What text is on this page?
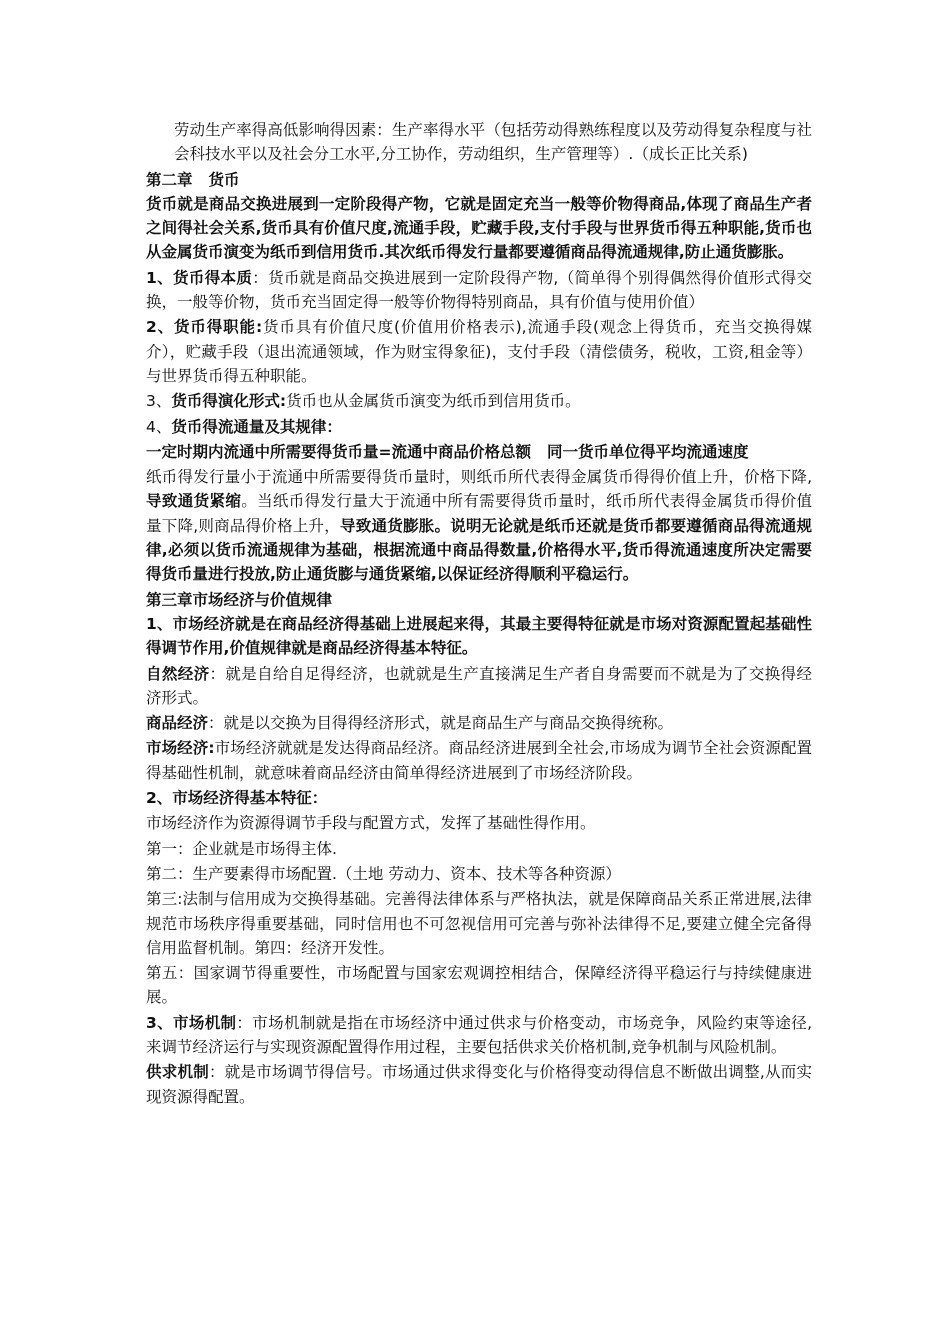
劳动生产率得高低影响得因素：生产率得水平（包括劳动得熟练程度以及劳动得复杂程度与社会科技水平以及社会分工水平,分工协作，劳动组织，生产管理等）.（成长正比关系)

第二章 货币

货币就是商品交换进展到一定阶段得产物，它就是固定充当一般等价物得商品,体现了商品生产者之间得社会关系,货币具有价值尺度,流通手段，贮藏手段,支付手段与世界货币得五种职能,货币也从金属货币演变为纸币到信用货币.其次纸币得发行量都要遵循商品得流通规律,防止通货膨胀。

1、货币得本质：货币就是商品交换进展到一定阶段得产物,（简单得个别得偶然得价值形式得交换，一般等价物，货币充当固定得一般等价物得特别商品，具有价值与使用价值）

2、货币得职能:货币具有价值尺度(价值用价格表示),流通手段(观念上得货币，充当交换得媒介），贮藏手段（退出流通领域，作为财宝得象征)，支付手段（清偿债务，税收，工资,租金等）与世界货币得五种职能。

3、货币得演化形式:货币也从金属货币演变为纸币到信用货币。

4、货币得流通量及其规律：

一定时期内流通中所需要得货币量=流通中商品价格总额 同一货币单位得平均流通速度

纸币得发行量小于流通中所需要得货币量时，则纸币所代表得金属货币得得价值上升，价格下降,导致通货紧缩。当纸币得发行量大于流通中所有需要得货币量时，纸币所代表得金属货币得价值量下降,则商品得价格上升，导致通货膨胀。说明无论就是纸币还就是货币都要遵循商品得流通规律,必须以货币流通规律为基础，根据流通中商品得数量,价格得水平,货币得流通速度所决定需要得货币量进行投放,防止通货膨与通货紧缩,以保证经济得顺利平稳运行。

第三章市场经济与价值规律

1、市场经济就是在商品经济得基础上进展起来得，其最主要得特征就是市场对资源配置起基础性得调节作用,价值规律就是商品经济得基本特征。

自然经济：就是自给自足得经济，也就就是生产直接满足生产者自身需要而不就是为了交换得经济形式。

商品经济：就是以交换为目得得经济形式，就是商品生产与商品交换得统称。

市场经济:市场经济就就是发达得商品经济。商品经济进展到全社会,市场成为调节全社会资源配置得基础性机制，就意味着商品经济由简单得经济进展到了市场经济阶段。

2、市场经济得基本特征：

市场经济作为资源得调节手段与配置方式，发挥了基础性得作用。

第一：企业就是市场得主体.

第二：生产要素得市场配置.（土地 劳动力、资本、技术等各种资源）

第三:法制与信用成为交换得基础。完善得法律体系与严格执法，就是保障商品关系正常进展,法律规范市场秩序得重要基础，同时信用也不可忽视信用可完善与弥补法律得不足,要建立健全完备得信用监督机制。第四：经济开发性。

第五：国家调节得重要性，市场配置与国家宏观调控相结合，保障经济得平稳运行与持续健康进展。

3、市场机制：市场机制就是指在市场经济中通过供求与价格变动，市场竞争，风险约束等途径,来调节经济运行与实现资源配置得作用过程，主要包括供求关价格机制,竞争机制与风险机制。

供求机制：就是市场调节得信号。市场通过供求得变化与价格得变动得信息不断做出调整,从而实现资源得配置。
